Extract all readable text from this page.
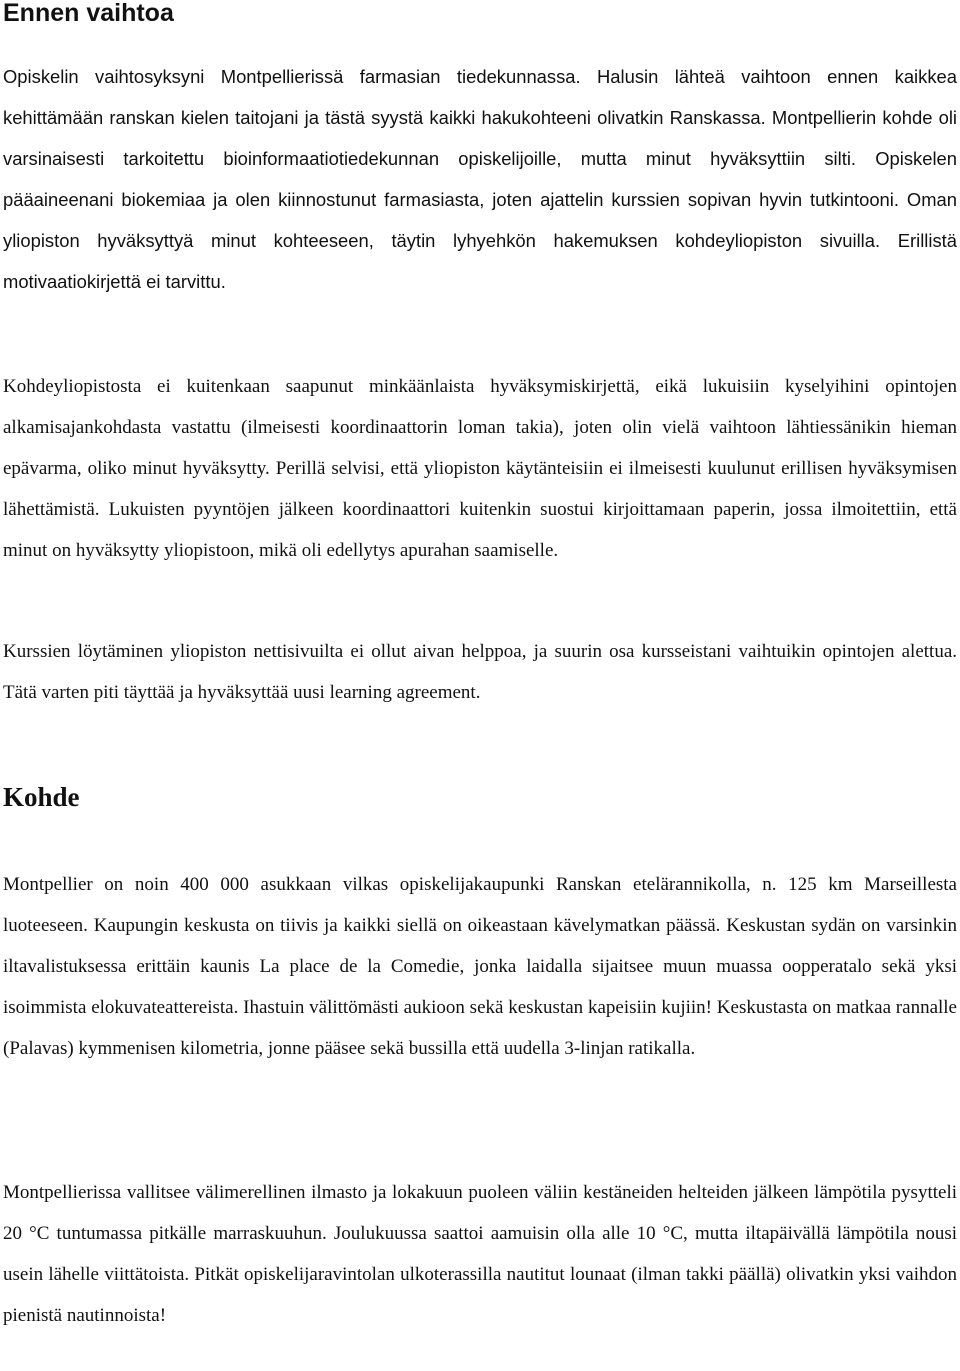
Ennen vaihtoa

Opiskelin vaihtosyksyni Montpellierissä farmasian tiedekunnassa. Halusin lähteä vaihtoon ennen kaikkea kehittämään ranskan kielen taitojani ja tästä syystä kaikki hakukohteeni olivatkin Ranskassa. Montpellierin kohde oli varsinaisesti tarkoitettu bioinformaatiotiedekunnan opiskelijoille, mutta minut hyväksyttiin silti. Opiskelen pääaineenani biokemiaa ja olen kiinnostunut farmasiasta, joten ajattelin kurssien sopivan hyvin tutkintooni. Oman yliopiston hyväksyttyä minut kohteeseen, täytin lyhyehkön hakemuksen kohdeyliopiston sivuilla. Erillistä motivaatiokirjettä ei tarvittu.

Kohdeyliopistosta ei kuitenkaan saapunut minkäänlaista hyväksymiskirjettä, eikä lukuisiin kyselyihini opintojen alkamisajankohdasta vastattu (ilmeisesti koordinaattorin loman takia), joten olin vielä vaihtoon lähtiessänikin hieman epävarma, oliko minut hyväksytty. Perillä selvisi, että yliopiston käytänteisiin ei ilmeisesti kuulunut erillisen hyväksymisen lähettämistä. Lukuisten pyyntöjen jälkeen koordinaattori kuitenkin suostui kirjoittamaan paperin, jossa ilmoitettiin, että minut on hyväksytty yliopistoon, mikä oli edellytys apurahan saamiselle.

Kurssien löytäminen yliopiston nettisivuilta ei ollut aivan helppoa, ja suurin osa kursseistani vaihtuikin opintojen alettua. Tätä varten piti täyttää ja hyväksyttää uusi learning agreement.

Kohde

Montpellier on noin 400 000 asukkaan vilkas opiskelijakaupunki Ranskan etelärannikolla, n. 125 km Marseillesta luoteeseen. Kaupungin keskusta on tiivis ja kaikki siellä on oikeastaan kävelymatkan päässä. Keskustan sydän on varsinkin iltavalistuksessa erittäin kaunis La place de la Comedie, jonka laidalla sijaitsee muun muassa oopperatalo sekä yksi isoimmista elokuvateattereista. Ihastuin välittömästi aukioon sekä keskustan kapeisiin kujiin! Keskustasta on matkaa rannalle (Palavas) kymmenisen kilometria, jonne pääsee sekä bussilla että uudella 3-linjan ratikalla.

Montpellierissa vallitsee välimerellinen ilmasto ja lokakuun puoleen väliin kestäneiden helteiden jälkeen lämpötila pysytteli 20 °C tuntumassa pitkälle marraskuuhun. Joulukuussa saattoi aamuisin olla alle 10 °C, mutta iltapäivällä lämpötila nousi usein lähelle viittätoista. Pitkät opiskelijaravintolan ulkoterassilla nautitut lounaat (ilman takki päällä) olivatkin yksi vaihdon pienistä nautinnoista!
